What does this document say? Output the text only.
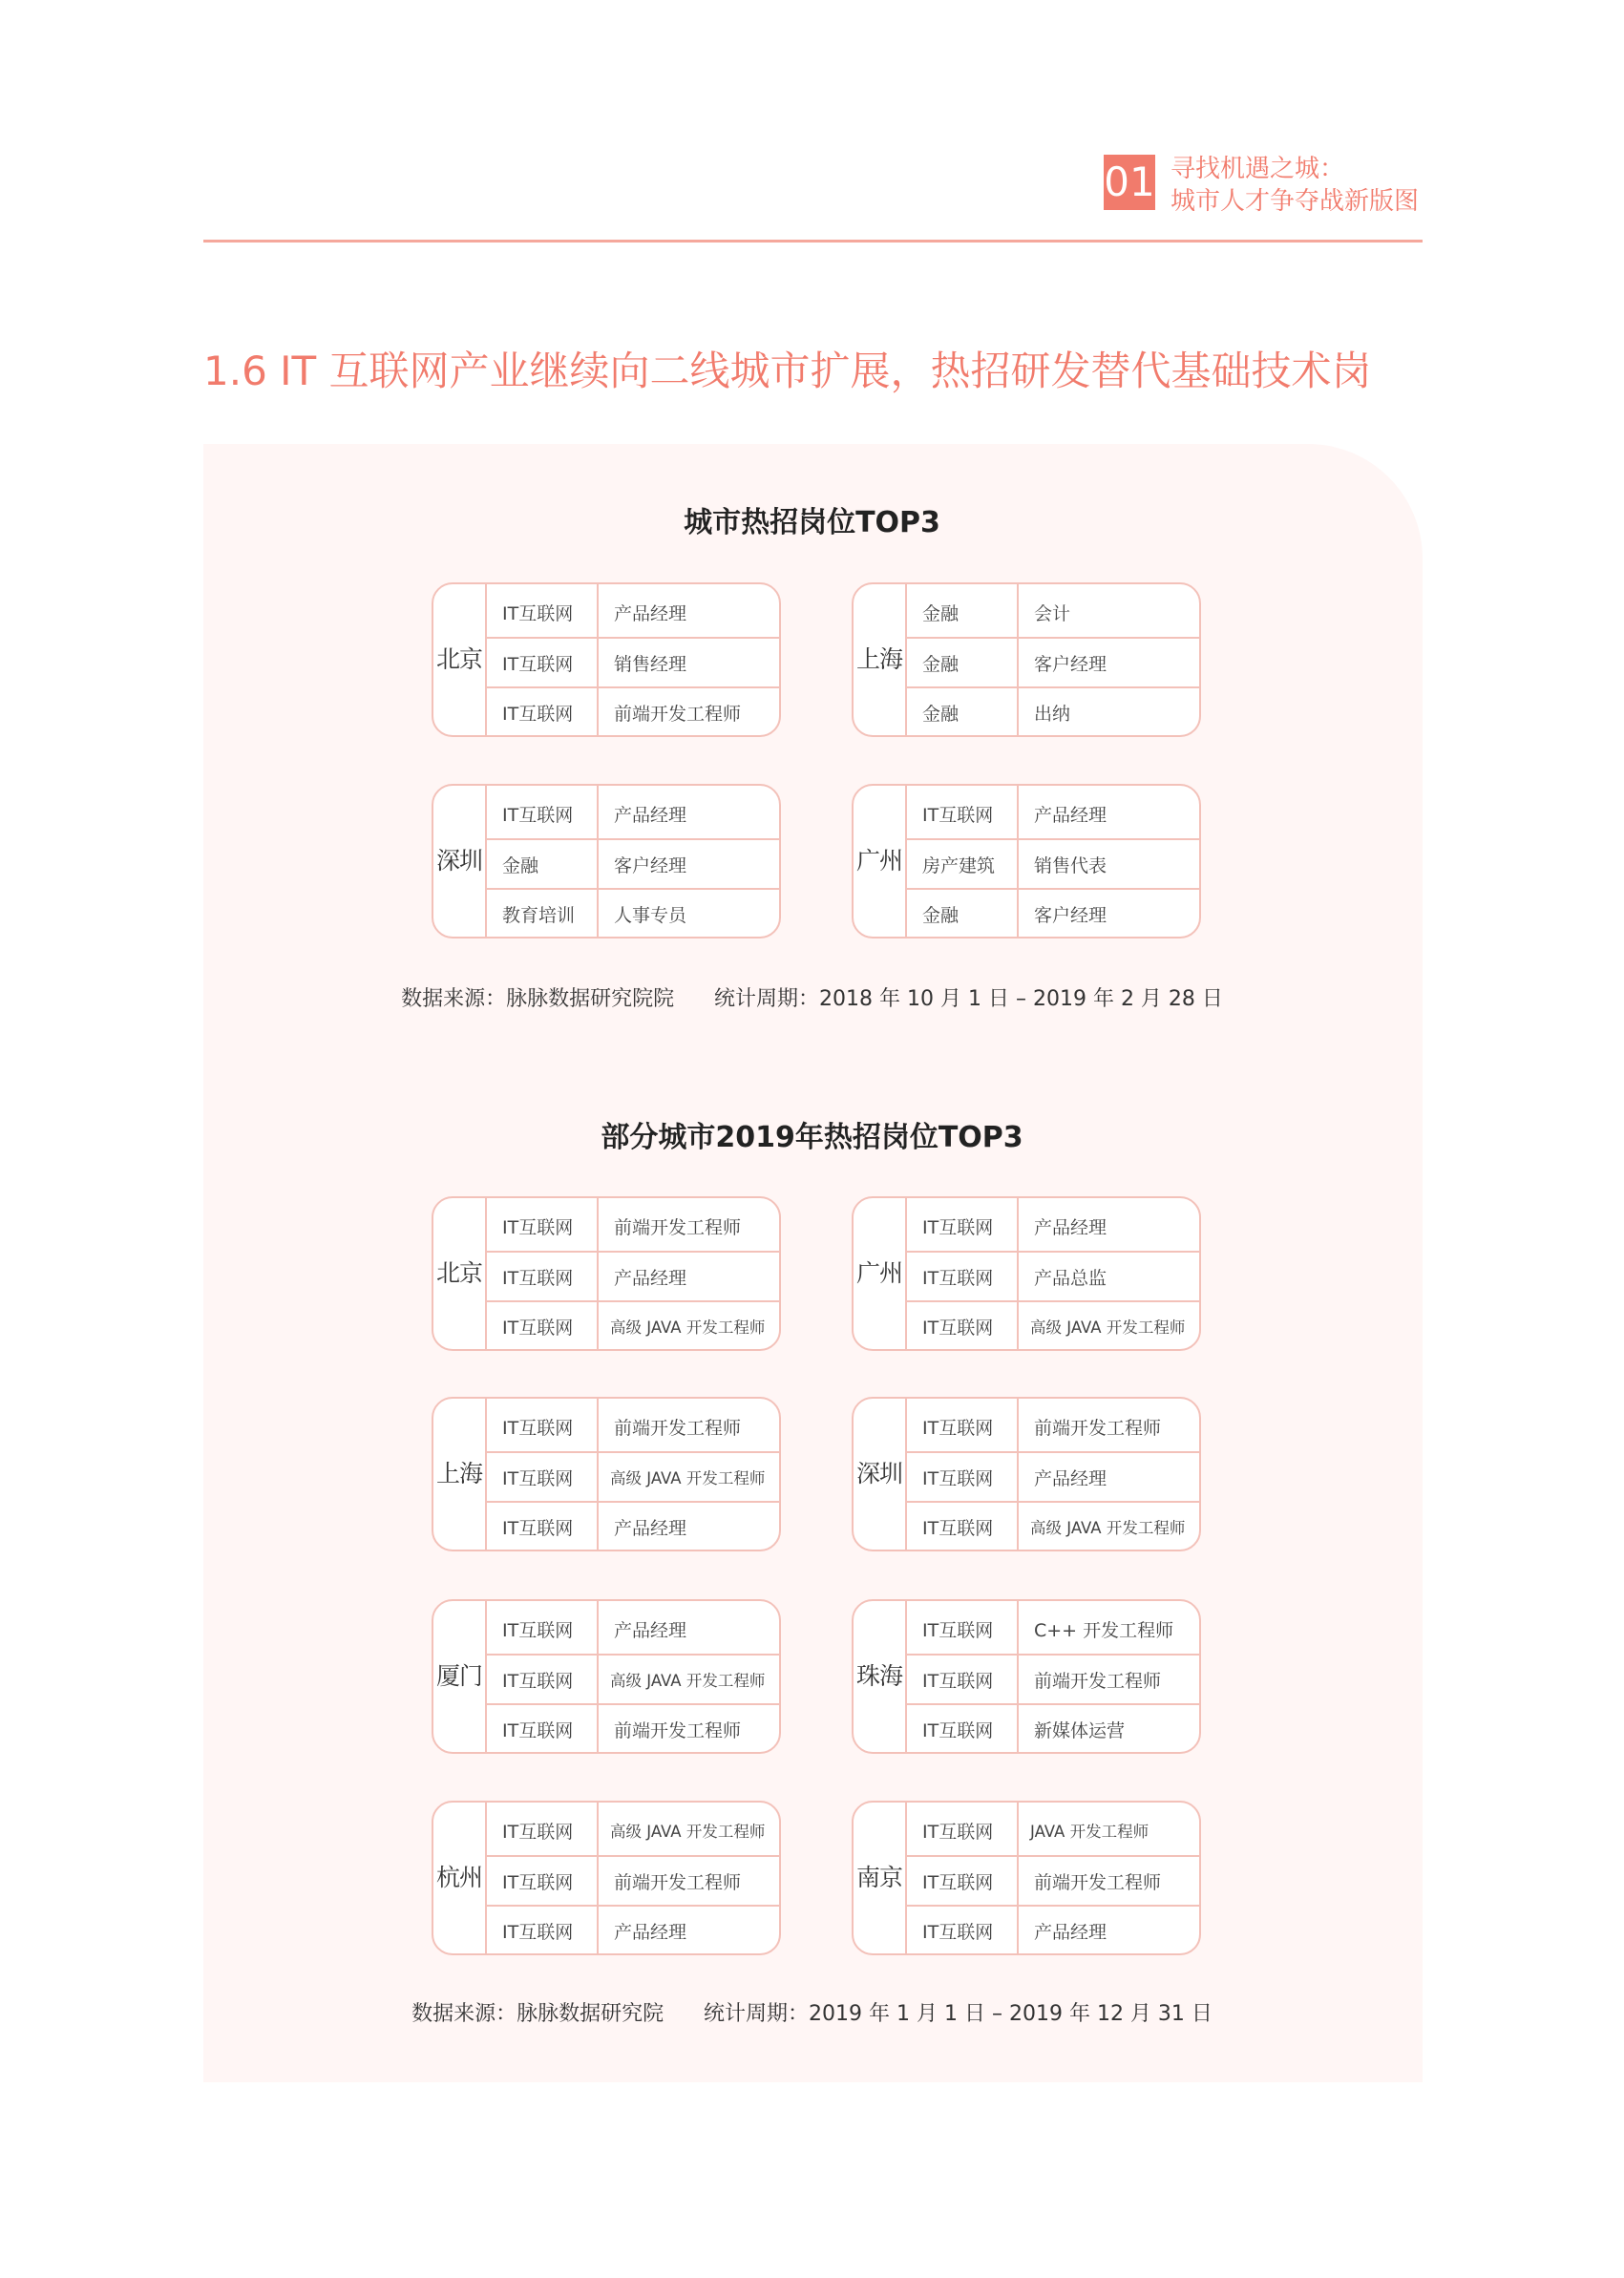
01 寻找机遇之城：
城市人才争夺战新版图
1.6 IT 互联网产业继续向二线城市扩展，热招研发替代基础技术岗
城市热招岗位TOP3
北
京
IT互联网	产品经理
IT互联网	销售经理
IT互联网	前端开发工程师
上
海
金融	会计
金融	客户经理
金融	出纳
深
圳
IT互联网	产品经理
金融	客户经理
教育培训	人事专员
广
州
IT互联网	产品经理
房产建筑	销售代表
金融	客户经理
数据来源：脉脉数据研究院院      统计周期：2018 年 10 月 1 日 – 2019 年 2 月 28 日
部分城市2019年热招岗位TOP3
北
京
IT互联网	前端开发工程师
IT互联网	产品经理
IT互联网	高级 JAVA 开发工程师
广
州
IT互联网	产品经理
IT互联网	产品总监
IT互联网	高级 JAVA 开发工程师
上
海
IT互联网	前端开发工程师
IT互联网	高级 JAVA 开发工程师
IT互联网	产品经理
深
圳
IT互联网	前端开发工程师
IT互联网	产品经理
IT互联网	高级 JAVA 开发工程师
厦
门
IT互联网	产品经理
IT互联网	高级 JAVA 开发工程师
IT互联网	前端开发工程师
珠
海
IT互联网	C++ 开发工程师
IT互联网	前端开发工程师
IT互联网	新媒体运营
杭
州
IT互联网	高级 JAVA 开发工程师
IT互联网	前端开发工程师
IT互联网	产品经理
南
京
IT互联网	JAVA 开发工程师
IT互联网	前端开发工程师
IT互联网	产品经理
数据来源：脉脉数据研究院      统计周期：2019 年 1 月 1 日 – 2019 年 12 月 31 日
